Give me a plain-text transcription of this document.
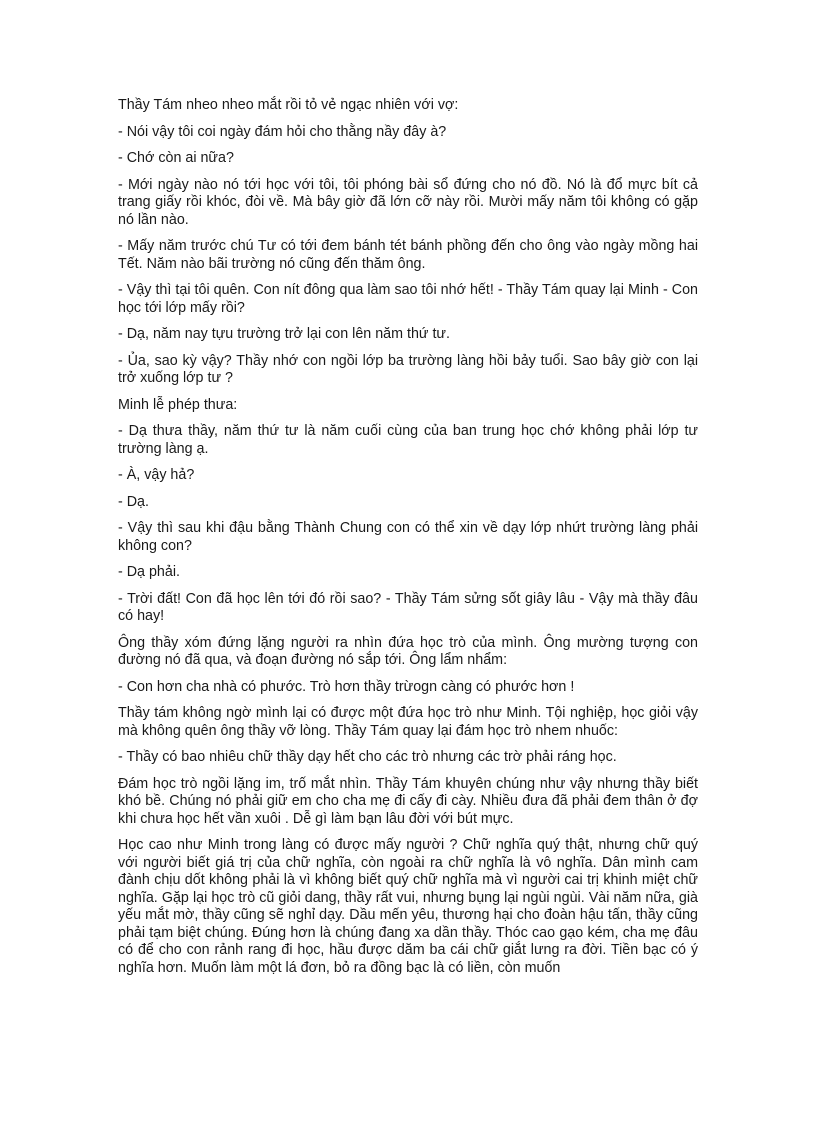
Thầy Tám nheo nheo mắt rồi tỏ vẻ ngạc nhiên với vợ:

- Nói vậy tôi coi ngày đám hỏi cho thằng nầy đây à?

- Chớ còn ai nữa?

- Mới ngày nào nó tới học với tôi, tôi phóng bài sổ đứng cho nó đồ. Nó là đổ mực bít cả trang giấy rồi khóc, đòi về. Mà bây giờ đã lớn cỡ này rồi. Mười mấy năm tôi không có gặp nó lần nào.

- Mấy năm trước chú Tư có tới đem bánh tét bánh phồng đến cho ông vào ngày mồng hai Tết. Năm nào bãi trường nó cũng đến thăm ông.

- Vậy thì tại tôi quên. Con nít đông qua làm sao tôi nhớ hết! - Thầy Tám quay lại Minh - Con học tới lớp mấy rồi?

- Dạ, năm nay tựu trường trở lại con lên năm thứ tư.

- Ủa, sao kỳ vậy? Thầy nhớ con ngồi lớp ba trường làng hồi bảy tuổi. Sao bây giờ con lại trở xuống lớp tư ?

Minh lễ phép thưa:

- Dạ thưa thầy, năm thứ tư là năm cuối cùng của ban trung học chớ không phải lớp tư trường làng ạ.

- À, vậy hả?

- Dạ.

- Vậy thì sau khi đậu bằng Thành Chung con có thể xin về dạy lớp nhứt trường làng phải không con?

- Dạ phải.

- Trời đất! Con đã học lên tới đó rồi sao? - Thầy Tám sửng sốt giây lâu - Vậy mà thầy đâu có hay!

Ông thầy xóm đứng lặng người ra nhìn đứa học trò của mình. Ông mường tượng con đường nó đã qua, và đoạn đường nó sắp tới. Ông lẩm nhẩm:

- Con hơn cha nhà có phước. Trò hơn thầy trừogn càng có phước hơn !

Thầy tám không ngờ mình lại có được một đứa học trò như Minh. Tội nghiệp, học giỏi vậy mà không quên ông thầy vỡ lòng. Thầy Tám quay lại đám học trò nhem nhuốc:

- Thầy có bao nhiêu chữ thầy dạy hết cho các trò nhưng các trờ phải ráng học.

Đám học trò ngồi lặng im, trố mắt nhìn. Thầy Tám khuyên chúng như vậy nhưng thầy biết khó bề. Chúng nó phải giữ em cho cha mẹ đi cấy đi cày. Nhiều đưa đã phải đem thân ở đợ khi chưa học hết vần xuôi . Dễ gì làm bạn lâu đời với bút mực.

Học cao như Minh trong làng có được mấy người ? Chữ nghĩa quý thật, nhưng chữ quý với người biết giá trị của chữ nghĩa, còn ngoài ra chữ nghĩa là vô nghĩa. Dân mình cam đành chịu dốt không phải là vì không biết quý chữ nghĩa mà vì người cai trị khinh miệt chữ nghĩa. Gặp lại học trò cũ giỏi dang, thầy rất vui, nhưng bụng lại ngùi ngùi. Vài năm nữa, già yếu mắt mờ, thầy cũng sẽ nghỉ dạy. Dầu mến yêu, thương hại cho đoàn hậu tấn, thầy cũng phải tạm biệt chúng. Đúng hơn là chúng đang xa dần thầy. Thóc cao gạo kém, cha mẹ đâu có để cho con rảnh rang đi học, hầu được dăm ba cái chữ giắt lưng ra đời. Tiền bạc có ý nghĩa hơn. Muốn làm một lá đơn, bỏ ra đồng bạc là có liền, còn muốn
